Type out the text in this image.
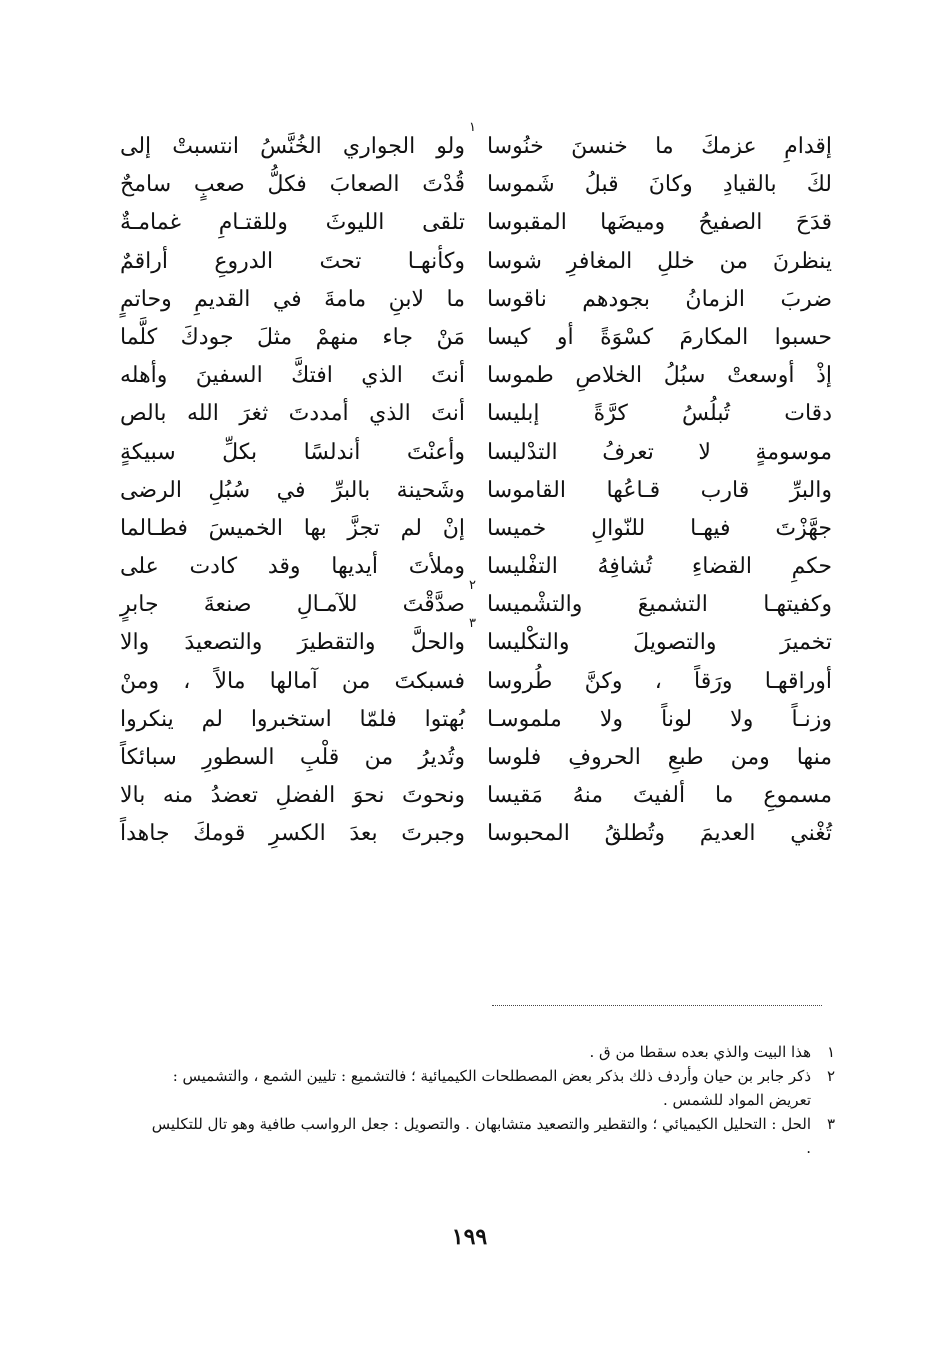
ولو الجواري الخُنَّسُ انتسبتْ إلى
قُدْتَ الصعابَ فكلُّ صعبٍ سامحٌ
تلقى الليوثَ وللقتـامِ غمامـةٌ
وكأنهـا تحتَ الدروعِ أراقمٌ
ما لابنِ مامةَ في القديمِ وحاتمٍ
مَنْ جاء منهمْ مثلَ جودكَ كلَّما
أنتَ الذي افتكَّ السفينَ وأهله
أنتَ الذي أمددتَ ثغرَ الله بالص
وأعنْتَ أندلسًا بكلِّ سبيكةٍ
وشَحينة بالبرِّ في سُبُلِ الرضى
إنْ لم تجزَّ بها الخميسَ فطـالما
وملأتَ أيديها وقد كادت على
صدَّقْتَ للآمـالِ صنعةَ جابرٍ
والحلَّ والتقطيرَ والتصعيدَ والا
فسبكتَ من آمالها مالاً ، ومنْ
بُهتوا فلمّا استخبروا لم ينكروا
وتُديرُ من قلْبِ السطورِ سبائكاً
ونحوتَ نحوَ الفضلِ تعضدُ منه بالا
وجبرتَ بعدَ الكسرِ قومكَ جاهداً
إقدامِ عزمكَ ما خنسنَ خنُوسا
١
لكَ بالقيادِ وكانَ قبلُ شَموسا
قدَحَ الصفيحُ وميضَها المقبوسا
ينظرنَ من خللِ المغافرِ شوسا
ضربَ الزمانُ بجودهم ناقوسا
حسبوا المكارمَ كسْوَةً أو كيسا
إذْ أوسعتْ سبُلُ الخلاصِ طموسا
دقات تُبلُسُ كرَّةً إبليسا
موسومةٍ لا تعرفُ التدْليسا
والبرِّ قارب قـاعُها القاموسا
جهَّزْتَ فيهـا للنّوالِ خميسا
حكمِ القضاءِ تُشافِهُ التفْليسا
وكفيتهـا التشميعَ والتشْميسا
٢
تخميرَ والتصويلَ والتكْليسا
٣
أوراقهـا ورَقاً ، وكنَّ طُروسا
وزنـاً ولا لوناً ولا ملموسـا
منها ومن طبعِ الحروفِ فلوسا
مسموعِ ما ألفيتَ منهُ مَقيسا
تُغْني العديمَ وتُطلقُ المحبوسا
١
هذا البيت والذي بعده سقطا من ق .
٢
ذكر جابر بن حيان وأردف ذلك بذكر بعض المصطلحات الكيميائية ؛ فالتشميع : تليين الشمع ، والتشميس : تعريض المواد للشمس .
٣
الحل : التحليل الكيميائي ؛ والتقطير والتصعيد متشابهان . والتصويل : جعل الرواسب طافية وهو تال للتكليس .
١٩٩
